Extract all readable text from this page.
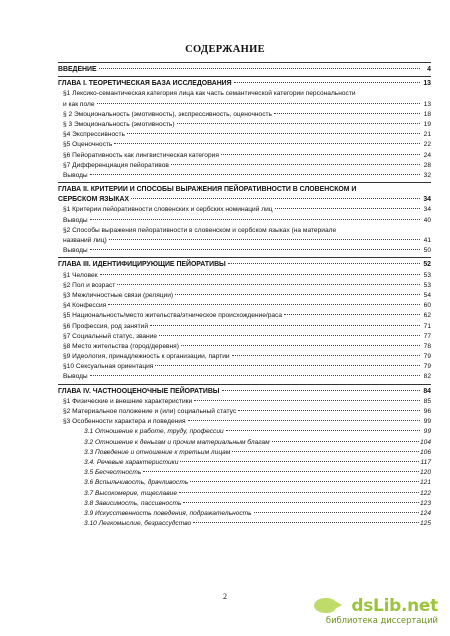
СОДЕРЖАНИЕ
ВВЕДЕНИЕ	4
ГЛАВА I. ТЕОРЕТИЧЕСКАЯ БАЗА ИССЛЕДОВАНИЯ	13
§1 Лексико-семантическая категория лица как часть семантической категории персональности
и как поле	13
§ 2 Эмоциональность (эмотивность), экспрессивность, оценочность	18
§ 3 Эмоциональность (эмотивность)	19
§4 Экспрессивность	21
§5 Оценочность	22
§6 Пейоративность как лингвистическая категория	24
§7 Дифференциация пейоративов	28
Выводы	32
ГЛАВА II. КРИТЕРИИ И СПОСОБЫ ВЫРАЖЕНИЯ ПЕЙОРАТИВНОСТИ В СЛОВЕНСКОМ И
СЕРБСКОМ ЯЗЫКАХ	34
§1 Критерии пейоративности словенских и сербских номинаций лиц	34
Выводы	40
§2 Способы выражения пейоративности в словенском и сербском языках (на материале
названий лиц)	41
Выводы	50
ГЛАВА III. ИДЕНТИФИЦИРУЮЩИЕ ПЕЙОРАТИВЫ	52
§1 Человек	53
§2 Пол и возраст	53
§3 Межличностные связи (реляции)	54
§4 Конфессия	60
§5 Национальность/место жительства/этническое происхождение/раса	62
§6 Профессия, род занятий	71
§7 Социальный статус, звание	77
§8 Место жительства (город/деревня)	78
§9 Идеология, принадлежность к организации, партии	79
§10 Сексуальная ориентация	79
Выводы	82
ГЛАВА IV. ЧАСТНООЦЕНОЧНЫЕ ПЕЙОРАТИВЫ	84
§1 Физические и внешние характеристики	85
§2 Материальное положение и (или) социальный статус	96
§3 Особенности характера и поведения	99
3.1 Отношение к работе, труду, профессии	99
3.2 Отношение к деньгам и прочим материальным благам	104
3.3 Поведение и отношение к третьим лицам	106
3.4. Речевые характеристики	117
3.5 Бесчестность	120
3.6 Вспыльчивость, драчливость	121
3.7 Высокомерие, тщеславие	122
3.8 Зависимость, пассивность	123
3.9 Искусственность поведения, подражательность	124
3.10 Легкомыслие, безрассудство	125
2	dsLib.net
библиотека диссертаций
